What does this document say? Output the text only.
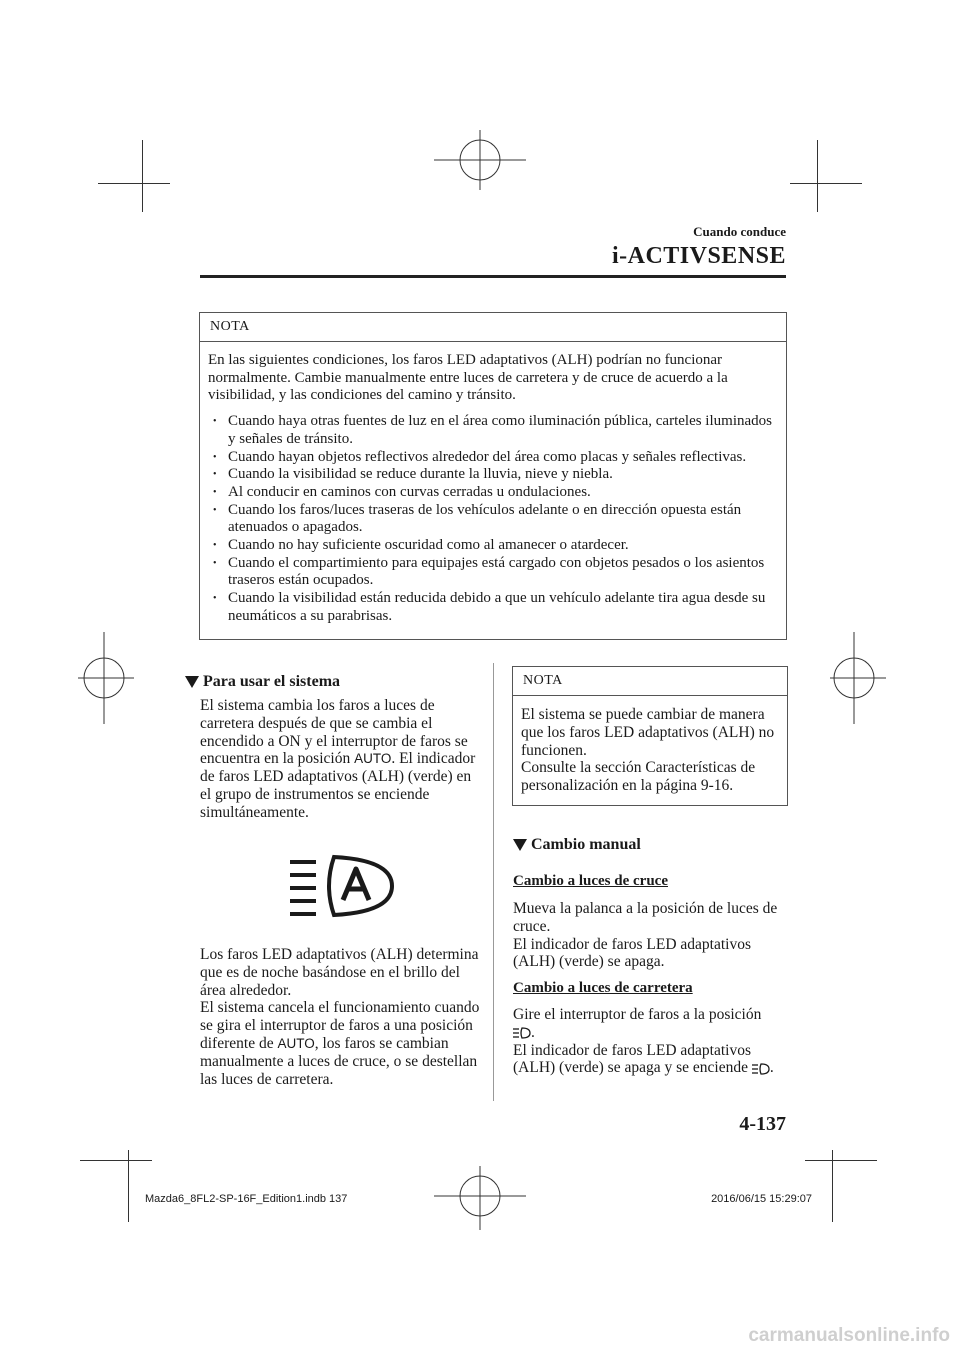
Cuando conduce
i-ACTIVSENSE
NOTA

En las siguientes condiciones, los faros LED adaptativos (ALH) podrían no funcionar normalmente. Cambie manualmente entre luces de carretera y de cruce de acuerdo a la visibilidad, y las condiciones del camino y tránsito.

• Cuando haya otras fuentes de luz en el área como iluminación pública, carteles iluminados y señales de tránsito.
• Cuando hayan objetos reflectivos alrededor del área como placas y señales reflectivas.
• Cuando la visibilidad se reduce durante la lluvia, nieve y niebla.
• Al conducir en caminos con curvas cerradas u ondulaciones.
• Cuando los faros/luces traseras de los vehículos adelante o en dirección opuesta están atenuados o apagados.
• Cuando no hay suficiente oscuridad como al amanecer o atardecer.
• Cuando el compartimiento para equipajes está cargado con objetos pesados o los asientos traseros están ocupados.
• Cuando la visibilidad están reducida debido a que un vehículo adelante tira agua desde su neumáticos a su parabrisas.
Para usar el sistema

El sistema cambia los faros a luces de carretera después de que se cambia el encendido a ON y el interruptor de faros se encuentra en la posición AUTO. El indicador de faros LED adaptativos (ALH) (verde) en el grupo de instrumentos se enciende simultáneamente.

Los faros LED adaptativos (ALH) determina que es de noche basándose en el brillo del área alrededor.

El sistema cancela el funcionamiento cuando se gira el interruptor de faros a una posición diferente de AUTO, los faros se cambian manualmente a luces de cruce, o se destellan las luces de carretera.

NOTA

El sistema se puede cambiar de manera que los faros LED adaptativos (ALH) no funcionen.

Consulte la sección Características de personalización en la página 9-16.

Cambio manual
Cambio a luces de cruce

Mueva la palanca a la posición de luces de cruce.

El indicador de faros LED adaptativos (ALH) (verde) se apaga.

Cambio a luces de carretera

Gire el interruptor de faros a la posición
.

El indicador de faros LED adaptativos (ALH) (verde) se apaga y se enciende .

4-137
Mazda6_8FL2-SP-16F_Edition1.indb 137	2016/06/15 15:29:07
carmanualsonline.info
